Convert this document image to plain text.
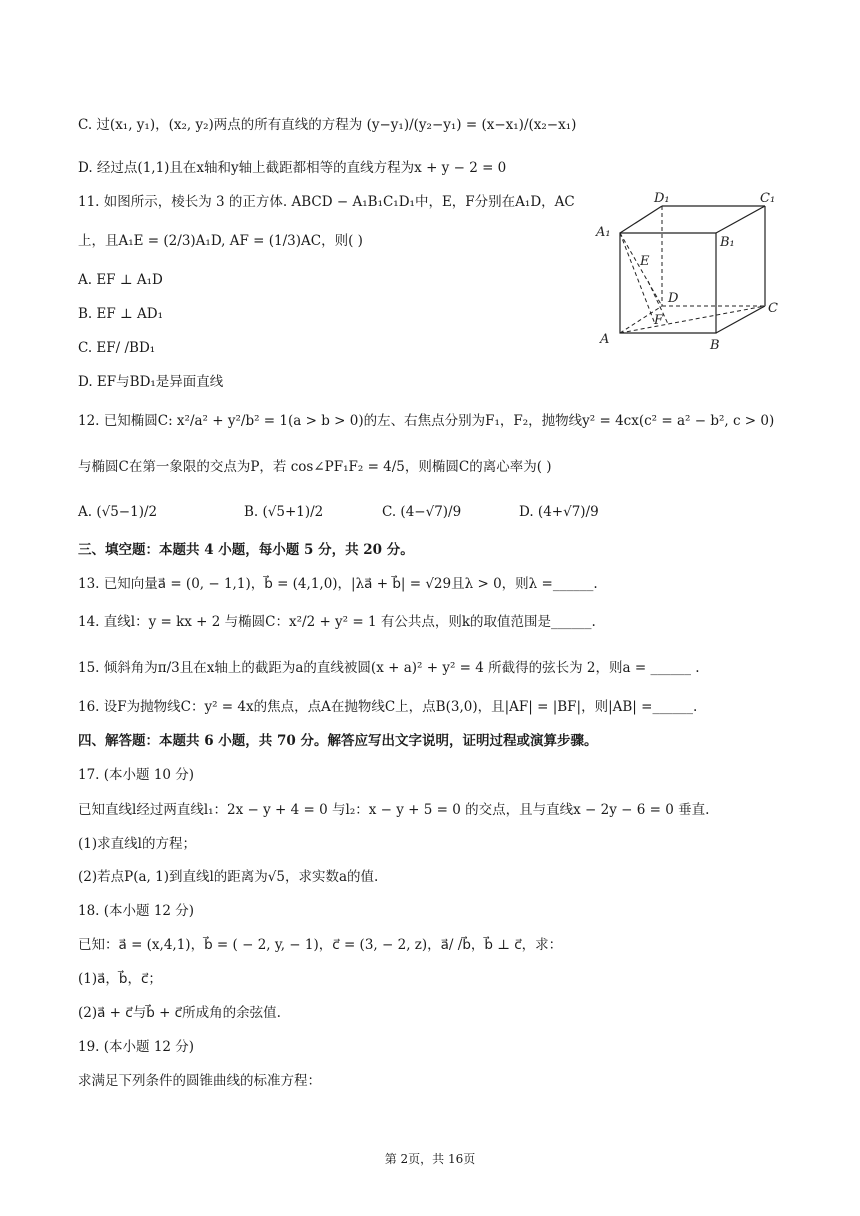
C. 过(x₁, y₁)，(x₂, y₂)两点的所有直线的方程为 (y−y₁)/(y₂−y₁) = (x−x₁)/(x₂−x₁)
D. 经过点(1,1)且在x轴和y轴上截距都相等的直线方程为x + y − 2 = 0
11. 如图所示，棱长为 3 的正方体. ABCD − A₁B₁C₁D₁中，E，F分别在A₁D，AC
上，且A₁E = (2/3)A₁D, AF = (1/3)AC，则( )
A. EF ⊥ A₁D
B. EF ⊥ AD₁
C. EF/ /BD₁
D. EF与BD₁是异面直线
D₁	C₁
A₁
B₁
E
D
C
F
A	B
12. 已知椭圆C: x²/a² + y²/b² = 1(a > b > 0)的左、右焦点分别为F₁，F₂，抛物线y² = 4cx(c² = a² − b², c > 0)
与椭圆C在第一象限的交点为P，若 cos∠PF₁F₂ = 4/5，则椭圆C的离心率为( )
A. (√5−1)/2	B. (√5+1)/2	C. (4−√7)/9	D. (4+√7)/9
三、填空题：本题共 4 小题，每小题 5 分，共 20 分。
13. 已知向量a⃗ = (0, − 1,1)，b⃗ = (4,1,0)，|λa⃗ + b⃗| = √29且λ > 0，则λ =______.
14. 直线l：y = kx + 2 与椭圆C：x²/2 + y² = 1 有公共点，则k的取值范围是______.
15. 倾斜角为π/3且在x轴上的截距为a的直线被圆(x + a)² + y² = 4 所截得的弦长为 2，则a = ______ .
16. 设F为抛物线C：y² = 4x的焦点，点A在抛物线C上，点B(3,0)，且|AF| = |BF|，则|AB| =______.
四、解答题：本题共 6 小题，共 70 分。解答应写出文字说明，证明过程或演算步骤。
17. (本小题 10 分)
已知直线l经过两直线l₁：2x − y + 4 = 0 与l₂：x − y + 5 = 0 的交点，且与直线x − 2y − 6 = 0 垂直.
(1)求直线l的方程；
(2)若点P(a, 1)到直线l的距离为√5，求实数a的值.
18. (本小题 12 分)
已知：a⃗ = (x,4,1)，b⃗ = ( − 2, y, − 1)，c⃗ = (3, − 2, z)，a⃗/ /b⃗，b⃗ ⊥ c⃗，求：
(1)a⃗，b⃗，c⃗；
(2)a⃗ + c⃗与b⃗ + c⃗所成角的余弦值.
19. (本小题 12 分)
求满足下列条件的圆锥曲线的标准方程：
第 2页，共 16页
